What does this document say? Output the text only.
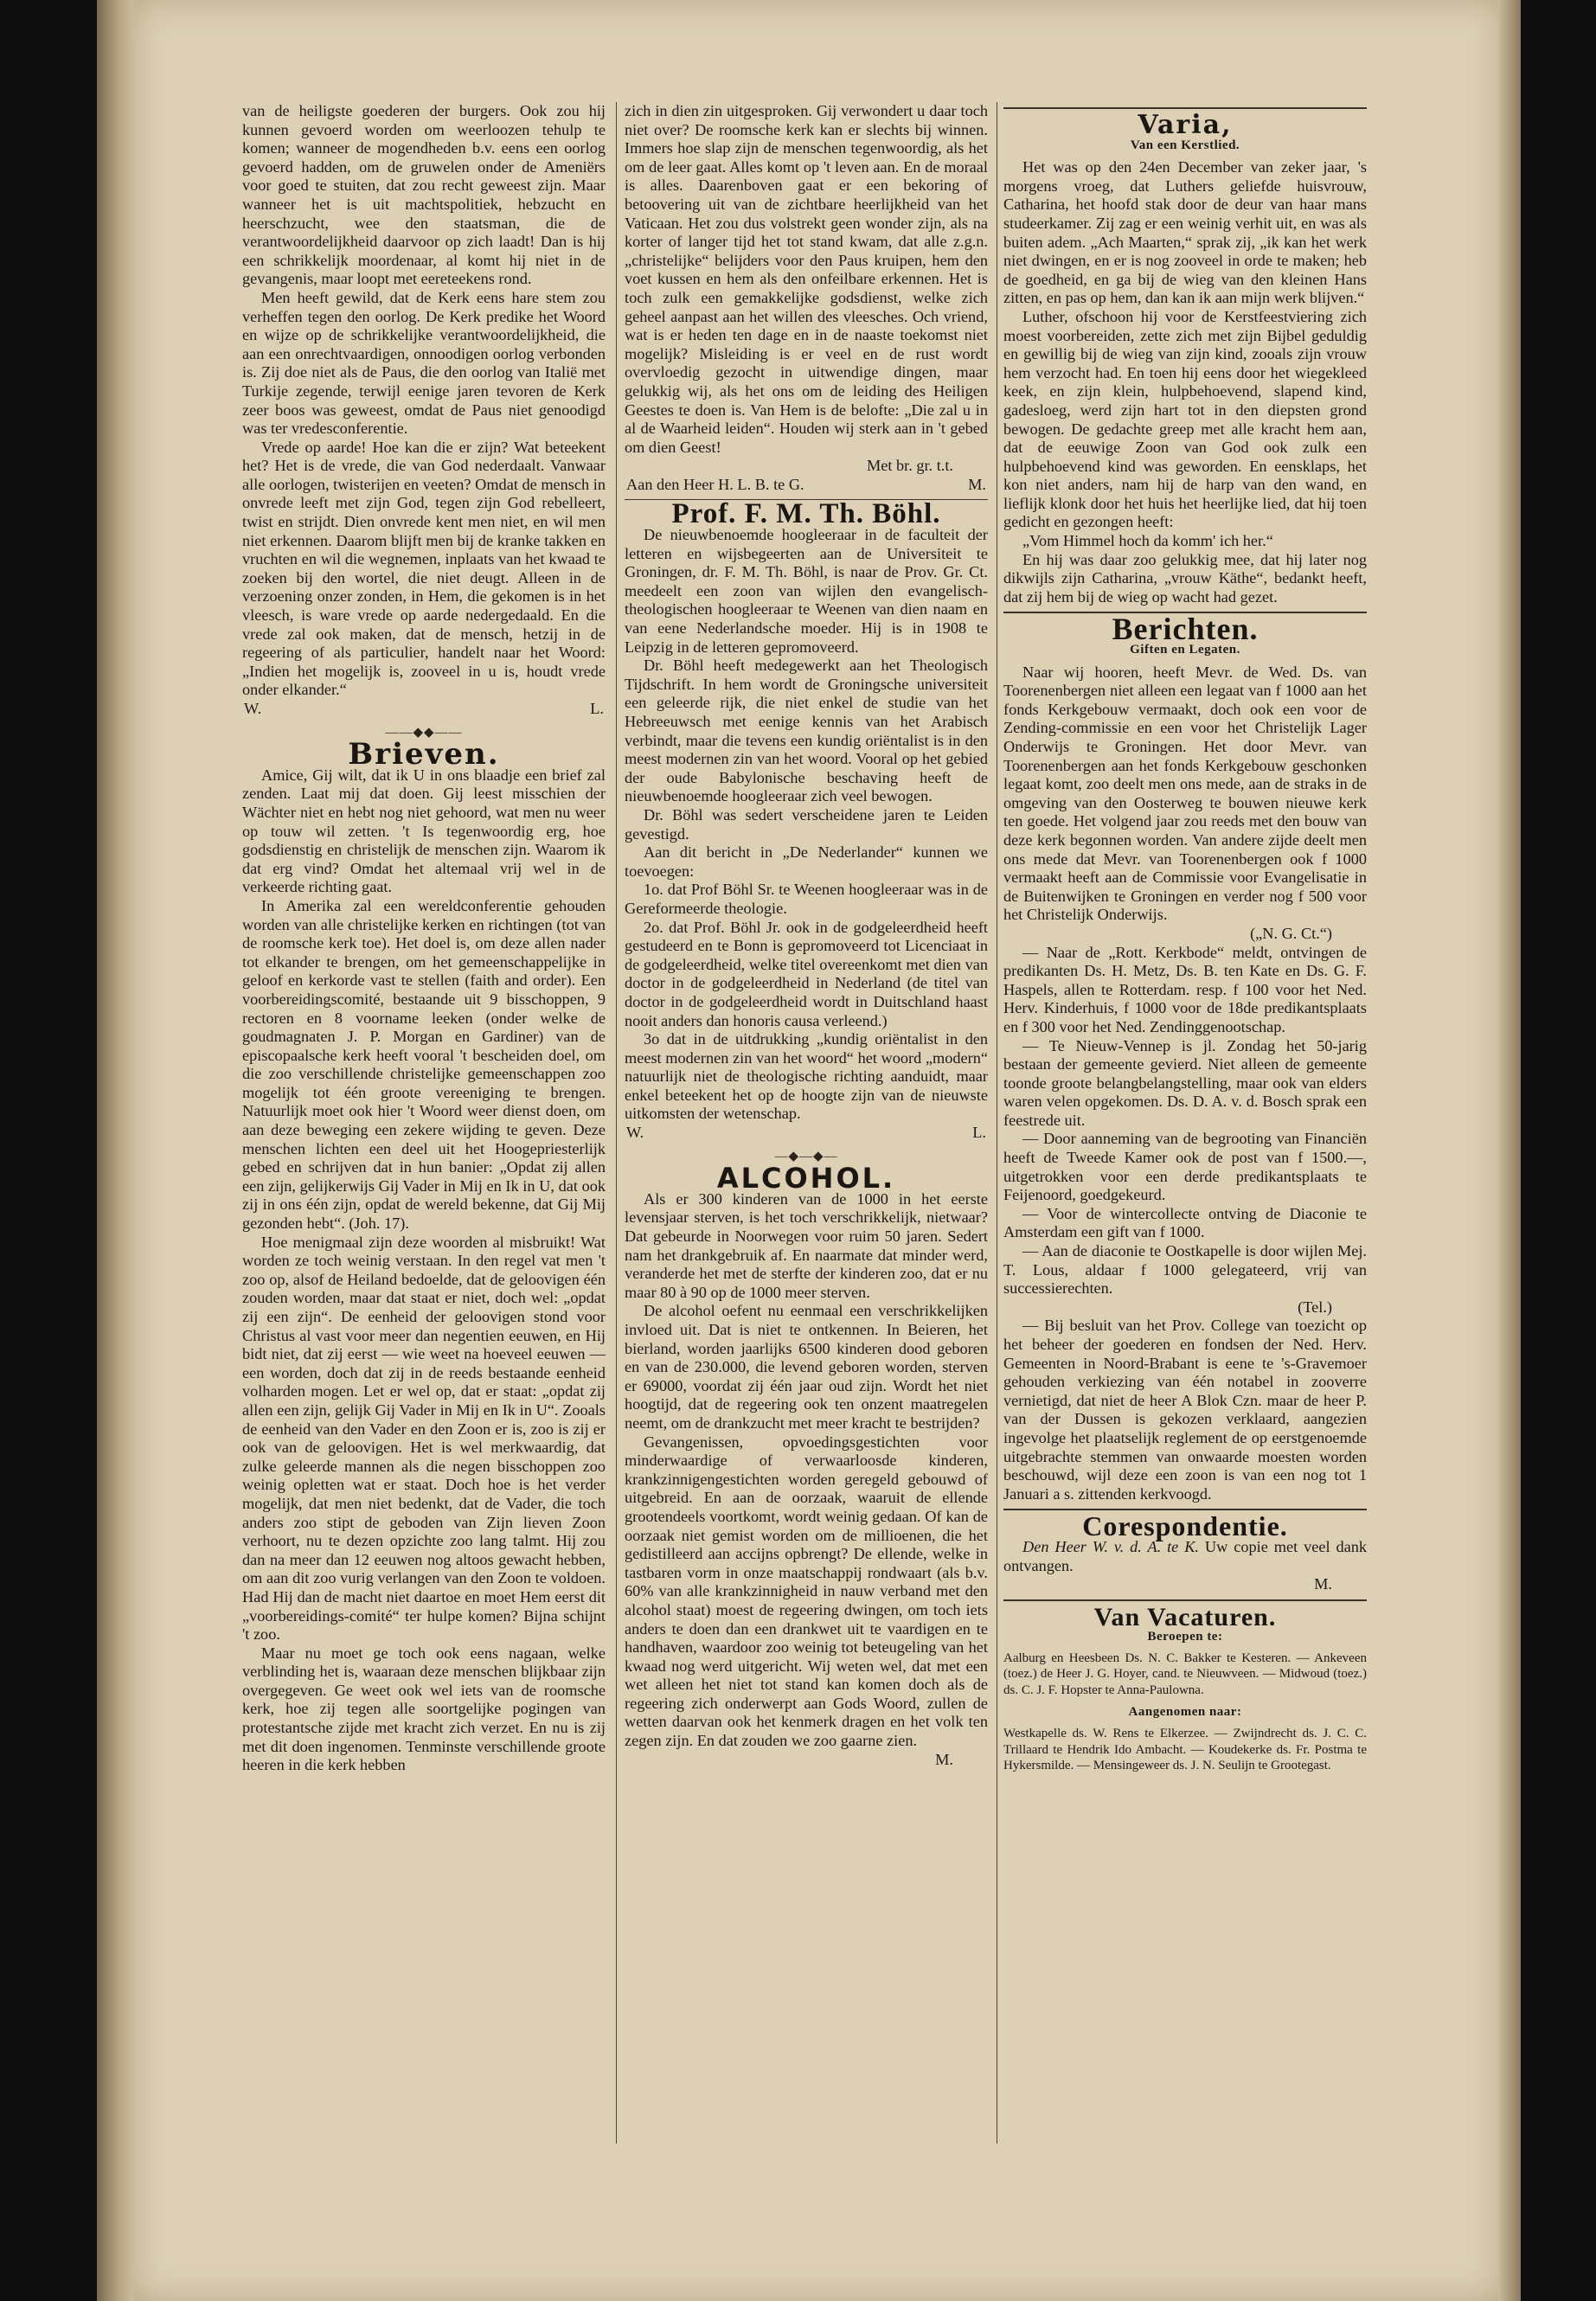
van de heiligste goederen der burgers. Ook zou hij kunnen gevoerd worden om weerloozen tehulp te komen; wanneer de mogendheden b.v. eens een oorlog gevoerd hadden, om de gruwelen onder de Ameniërs voor goed te stuiten, dat zou recht geweest zijn. Maar wanneer het is uit machtspolitiek, hebzucht en heerschzucht, wee den staatsman, die de verantwoordelijkheid daarvoor op zich laadt! Dan is hij een schrikkelijk moordenaar, al komt hij niet in de gevangenis, maar loopt met eereteekens rond.

Men heeft gewild, dat de Kerk eens hare stem zou verheffen tegen den oorlog. De Kerk predike het Woord en wijze op de schrikkelijke verantwoordelijkheid, die aan een onrechtvaardigen, onnoodigen oorlog verbonden is. Zij doe niet als de Paus, die den oorlog van Italië met Turkije zegende, terwijl eenige jaren tevoren de Kerk zeer boos was geweest, omdat de Paus niet genoodigd was ter vredesconferentie.

Vrede op aarde! Hoe kan die er zijn? Wat beteekent het? Het is de vrede, die van God nederdaalt. Vanwaar alle oorlogen, twisterijen en veeten? Omdat de mensch in onvrede leeft met zijn God, tegen zijn God rebelleert, twist en strijdt. Dien onvrede kent men niet, en wil men niet erkennen. Daarom blijft men bij de kranke takken en vruchten en wil die wegnemen, inplaats van het kwaad te zoeken bij den wortel, die niet deugt. Alleen in de verzoening onzer zonden, in Hem, die gekomen is in het vleesch, is ware vrede op aarde nedergedaald. En die vrede zal ook maken, dat de mensch, hetzij in de regeering of als particulier, handelt naar het Woord: „Indien het mogelijk is, zooveel in u is, houdt vrede onder elkander.“

W.	L.
——◆◆——
Brieven.

Amice, Gij wilt, dat ik U in ons blaadje een brief zal zenden. Laat mij dat doen. Gij leest misschien der Wächter niet en hebt nog niet gehoord, wat men nu weer op touw wil zetten. 't Is tegenwoordig erg, hoe godsdienstig en christelijk de menschen zijn. Waarom ik dat erg vind? Omdat het altemaal vrij wel in de verkeerde richting gaat.

In Amerika zal een wereldconferentie gehouden worden van alle christelijke kerken en richtingen (tot van de roomsche kerk toe). Het doel is, om deze allen nader tot elkander te brengen, om het gemeenschappelijke in geloof en kerkorde vast te stellen (faith and order). Een voorbereidingscomité, bestaande uit 9 bisschoppen, 9 rectoren en 8 voorname leeken (onder welke de goudmagnaten J. P. Morgan en Gardiner) van de episcopaalsche kerk heeft vooral 't bescheiden doel, om die zoo verschillende christelijke gemeenschappen zoo mogelijk tot één groote vereeniging te brengen. Natuurlijk moet ook hier 't Woord weer dienst doen, om aan deze beweging een zekere wijding te geven. Deze menschen lichten een deel uit het Hoogepriesterlijk gebed en schrijven dat in hun banier: „Opdat zij allen een zijn, gelijkerwijs Gij Vader in Mij en Ik in U, dat ook zij in ons één zijn, opdat de wereld bekenne, dat Gij Mij gezonden hebt“. (Joh. 17).

Hoe menigmaal zijn deze woorden al misbruikt! Wat worden ze toch weinig verstaan. In den regel vat men 't zoo op, alsof de Heiland bedoelde, dat de geloovigen één zouden worden, maar dat staat er niet, doch wel: „opdat zij een zijn“. De eenheid der geloovigen stond voor Christus al vast voor meer dan negentien eeuwen, en Hij bidt niet, dat zij eerst — wie weet na hoeveel eeuwen — een worden, doch dat zij in de reeds bestaande eenheid volharden mogen. Let er wel op, dat er staat: „opdat zij allen een zijn, gelijk Gij Vader in Mij en Ik in U“. Zooals de eenheid van den Vader en den Zoon er is, zoo is zij er ook van de geloovigen. Het is wel merkwaardig, dat zulke geleerde mannen als die negen bisschoppen zoo weinig opletten wat er staat. Doch hoe is het verder mogelijk, dat men niet bedenkt, dat de Vader, die toch anders zoo stipt de geboden van Zijn lieven Zoon verhoort, nu te dezen opzichte zoo lang talmt. Hij zou dan na meer dan 12 eeuwen nog altoos gewacht hebben, om aan dit zoo vurig verlangen van den Zoon te voldoen. Had Hij dan de macht niet daartoe en moet Hem eerst dit „voorbereidings-comité“ ter hulpe komen? Bijna schijnt 't zoo.

Maar nu moet ge toch ook eens nagaan, welke verblinding het is, waaraan deze menschen blijkbaar zijn overgegeven. Ge weet ook wel iets van de roomsche kerk, hoe zij tegen alle soortgelijke pogingen van protestantsche zijde met kracht zich verzet. En nu is zij met dit doen ingenomen. Tenminste verschillende groote heeren in die kerk hebben

zich in dien zin uitgesproken. Gij verwondert u daar toch niet over? De roomsche kerk kan er slechts bij winnen. Immers hoe slap zijn de menschen tegenwoordig, als het om de leer gaat. Alles komt op 't leven aan. En de moraal is alles. Daarenboven gaat er een bekoring of betoovering uit van de zichtbare heerlijkheid van het Vaticaan. Het zou dus volstrekt geen wonder zijn, als na korter of langer tijd het tot stand kwam, dat alle z.g.n. „christelijke“ belijders voor den Paus kruipen, hem den voet kussen en hem als den onfeilbare erkennen. Het is toch zulk een gemakkelijke godsdienst, welke zich geheel aanpast aan het willen des vleesches. Och vriend, wat is er heden ten dage en in de naaste toekomst niet mogelijk? Misleiding is er veel en de rust wordt overvloedig gezocht in uitwendige dingen, maar gelukkig wij, als het ons om de leiding des Heiligen Geestes te doen is. Van Hem is de belofte: „Die zal u in al de Waarheid leiden“. Houden wij sterk aan in 't gebed om dien Geest!

Met br. gr. t.t.
Aan den Heer H. L. B. te G.	M.
Prof. F. M. Th. Böhl.

De nieuwbenoemde hoogleeraar in de faculteit der letteren en wijsbegeerten aan de Universiteit te Groningen, dr. F. M. Th. Böhl, is naar de Prov. Gr. Ct. meedeelt een zoon van wijlen den evangelisch-theologischen hoogleeraar te Weenen van dien naam en van eene Nederlandsche moeder. Hij is in 1908 te Leipzig in de letteren gepromoveerd.

Dr. Böhl heeft medegewerkt aan het Theologisch Tijdschrift. In hem wordt de Groningsche universiteit een geleerde rijk, die niet enkel de studie van het Hebreeuwsch met eenige kennis van het Arabisch verbindt, maar die tevens een kundig oriëntalist is in den meest modernen zin van het woord. Vooral op het gebied der oude Babylonische beschaving heeft de nieuwbenoemde hoogleeraar zich veel bewogen.

Dr. Böhl was sedert verscheidene jaren te Leiden gevestigd.

Aan dit bericht in „De Nederlander“ kunnen we toevoegen:

1o. dat Prof Böhl Sr. te Weenen hoogleeraar was in de Gereformeerde theologie.

2o. dat Prof. Böhl Jr. ook in de godgeleerdheid heeft gestudeerd en te Bonn is gepromoveerd tot Licenciaat in de godgeleerdheid, welke titel overeenkomt met dien van doctor in de godgeleerdheid in Nederland (de titel van doctor in de godgeleerdheid wordt in Duitschland haast nooit anders dan honoris causa verleend.)

3o dat in de uitdrukking „kundig oriëntalist in den meest modernen zin van het woord“ het woord „modern“ natuurlijk niet de theologische richting aanduidt, maar enkel beteekent het op de hoogte zijn van de nieuwste uitkomsten der wetenschap.

W.	L.
—◆—◆—
ALCOHOL.

Als er 300 kinderen van de 1000 in het eerste levensjaar sterven, is het toch verschrikkelijk, nietwaar? Dat gebeurde in Noorwegen voor ruim 50 jaren. Sedert nam het drankgebruik af. En naarmate dat minder werd, veranderde het met de sterfte der kinderen zoo, dat er nu maar 80 à 90 op de 1000 meer sterven.

De alcohol oefent nu eenmaal een verschrikkelijken invloed uit. Dat is niet te ontkennen. In Beieren, het bierland, worden jaarlijks 6500 kinderen dood geboren en van de 230.000, die levend geboren worden, sterven er 69000, voordat zij één jaar oud zijn. Wordt het niet hoogtijd, dat de regeering ook ten onzent maatregelen neemt, om de drankzucht met meer kracht te bestrijden?

Gevangenissen, opvoedingsgestichten voor minderwaardige of verwaarloosde kinderen, krankzinnigengestichten worden geregeld gebouwd of uitgebreid. En aan de oorzaak, waaruit de ellende grootendeels voortkomt, wordt weinig gedaan. Of kan de oorzaak niet gemist worden om de millioenen, die het gedistilleerd aan accijns opbrengt? De ellende, welke in tastbaren vorm in onze maatschappij rondwaart (als b.v. 60% van alle krankzinnigheid in nauw verband met den alcohol staat) moest de regeering dwingen, om toch iets anders te doen dan een drankwet uit te vaardigen en te handhaven, waardoor zoo weinig tot beteugeling van het kwaad nog werd uitgericht. Wij weten wel, dat met een wet alleen het niet tot stand kan komen doch als de regeering zich onderwerpt aan Gods Woord, zullen de wetten daarvan ook het kenmerk dragen en het volk ten zegen zijn. En dat zouden we zoo gaarne zien.

M.
Varia,
Van een Kerstlied.

Het was op den 24en December van zeker jaar, 's morgens vroeg, dat Luthers geliefde huisvrouw, Catharina, het hoofd stak door de deur van haar mans studeerkamer. Zij zag er een weinig verhit uit, en was als buiten adem. „Ach Maarten,“ sprak zij, „ik kan het werk niet dwingen, en er is nog zooveel in orde te maken; heb de goedheid, en ga bij de wieg van den kleinen Hans zitten, en pas op hem, dan kan ik aan mijn werk blijven.“

Luther, ofschoon hij voor de Kerstfeestviering zich moest voorbereiden, zette zich met zijn Bijbel geduldig en gewillig bij de wieg van zijn kind, zooals zijn vrouw hem verzocht had. En toen hij eens door het wiegekleed keek, en zijn klein, hulpbehoevend, slapend kind, gadesloeg, werd zijn hart tot in den diepsten grond bewogen. De gedachte greep met alle kracht hem aan, dat de eeuwige Zoon van God ook zulk een hulpbehoevend kind was geworden. En eensklaps, het kon niet anders, nam hij de harp van den wand, en lieflijk klonk door het huis het heerlijke lied, dat hij toen gedicht en gezongen heeft:

„Vom Himmel hoch da komm' ich her.“

En hij was daar zoo gelukkig mee, dat hij later nog dikwijls zijn Catharina, „vrouw Käthe“, bedankt heeft, dat zij hem bij de wieg op wacht had gezet.

Berichten.
Giften en Legaten.

Naar wij hooren, heeft Mevr. de Wed. Ds. van Toorenenbergen niet alleen een legaat van f 1000 aan het fonds Kerkgebouw vermaakt, doch ook een voor de Zending-commissie en een voor het Christelijk Lager Onderwijs te Groningen. Het door Mevr. van Toorenenbergen aan het fonds Kerkgebouw geschonken legaat komt, zoo deelt men ons mede, aan de straks in de omgeving van den Oosterweg te bouwen nieuwe kerk ten goede. Het volgend jaar zou reeds met den bouw van deze kerk begonnen worden. Van andere zijde deelt men ons mede dat Mevr. van Toorenenbergen ook f 1000 vermaakt heeft aan de Commissie voor Evangelisatie in de Buitenwijken te Groningen en verder nog f 500 voor het Christelijk Onderwijs.

(„N. G. Ct.“)

— Naar de „Rott. Kerkbode“ meldt, ontvingen de predikanten Ds. H. Metz, Ds. B. ten Kate en Ds. G. F. Haspels, allen te Rotterdam. resp. f 100 voor het Ned. Herv. Kinderhuis, f 1000 voor de 18de predikantsplaats en f 300 voor het Ned. Zendinggenootschap.

— Te Nieuw-Vennep is jl. Zondag het 50-jarig bestaan der gemeente gevierd. Niet alleen de gemeente toonde groote belangbelangstelling, maar ook van elders waren velen opgekomen. Ds. D. A. v. d. Bosch sprak een feestrede uit.

— Door aanneming van de begrooting van Financiën heeft de Tweede Kamer ook de post van f 1500.—, uitgetrokken voor een derde predikantsplaats te Feijenoord, goedgekeurd.

— Voor de wintercollecte ontving de Diaconie te Amsterdam een gift van f 1000.

— Aan de diaconie te Oostkapelle is door wijlen Mej. T. Lous, aldaar f 1000 gelegateerd, vrij van successierechten.

(Tel.)

— Bij besluit van het Prov. College van toezicht op het beheer der goederen en fondsen der Ned. Herv. Gemeenten in Noord-Brabant is eene te 's-Gravemoer gehouden verkiezing van één notabel in zooverre vernietigd, dat niet de heer A Blok Czn. maar de heer P. van der Dussen is gekozen verklaard, aangezien ingevolge het plaatselijk reglement de op eerstgenoemde uitgebrachte stemmen van onwaarde moesten worden beschouwd, wijl deze een zoon is van een nog tot 1 Januari a s. zittenden kerkvoogd.

Corespondentie.

Den Heer W. v. d. A. te K. Uw copie met veel dank ontvangen.

M.
Van Vacaturen.
Beroepen te:

Aalburg en Heesbeen Ds. N. C. Bakker te Kesteren. — Ankeveen (toez.) de Heer J. G. Hoyer, cand. te Nieuwveen. — Midwoud (toez.) ds. C. J. F. Hopster te Anna-Paulowna.

Aangenomen naar:

Westkapelle ds. W. Rens te Elkerzee. — Zwijndrecht ds. J. C. C. Trillaard te Hendrik Ido Ambacht. — Koudekerke ds. Fr. Postma te Hykersmilde. — Mensingeweer ds. J. N. Seulijn te Grootegast.
